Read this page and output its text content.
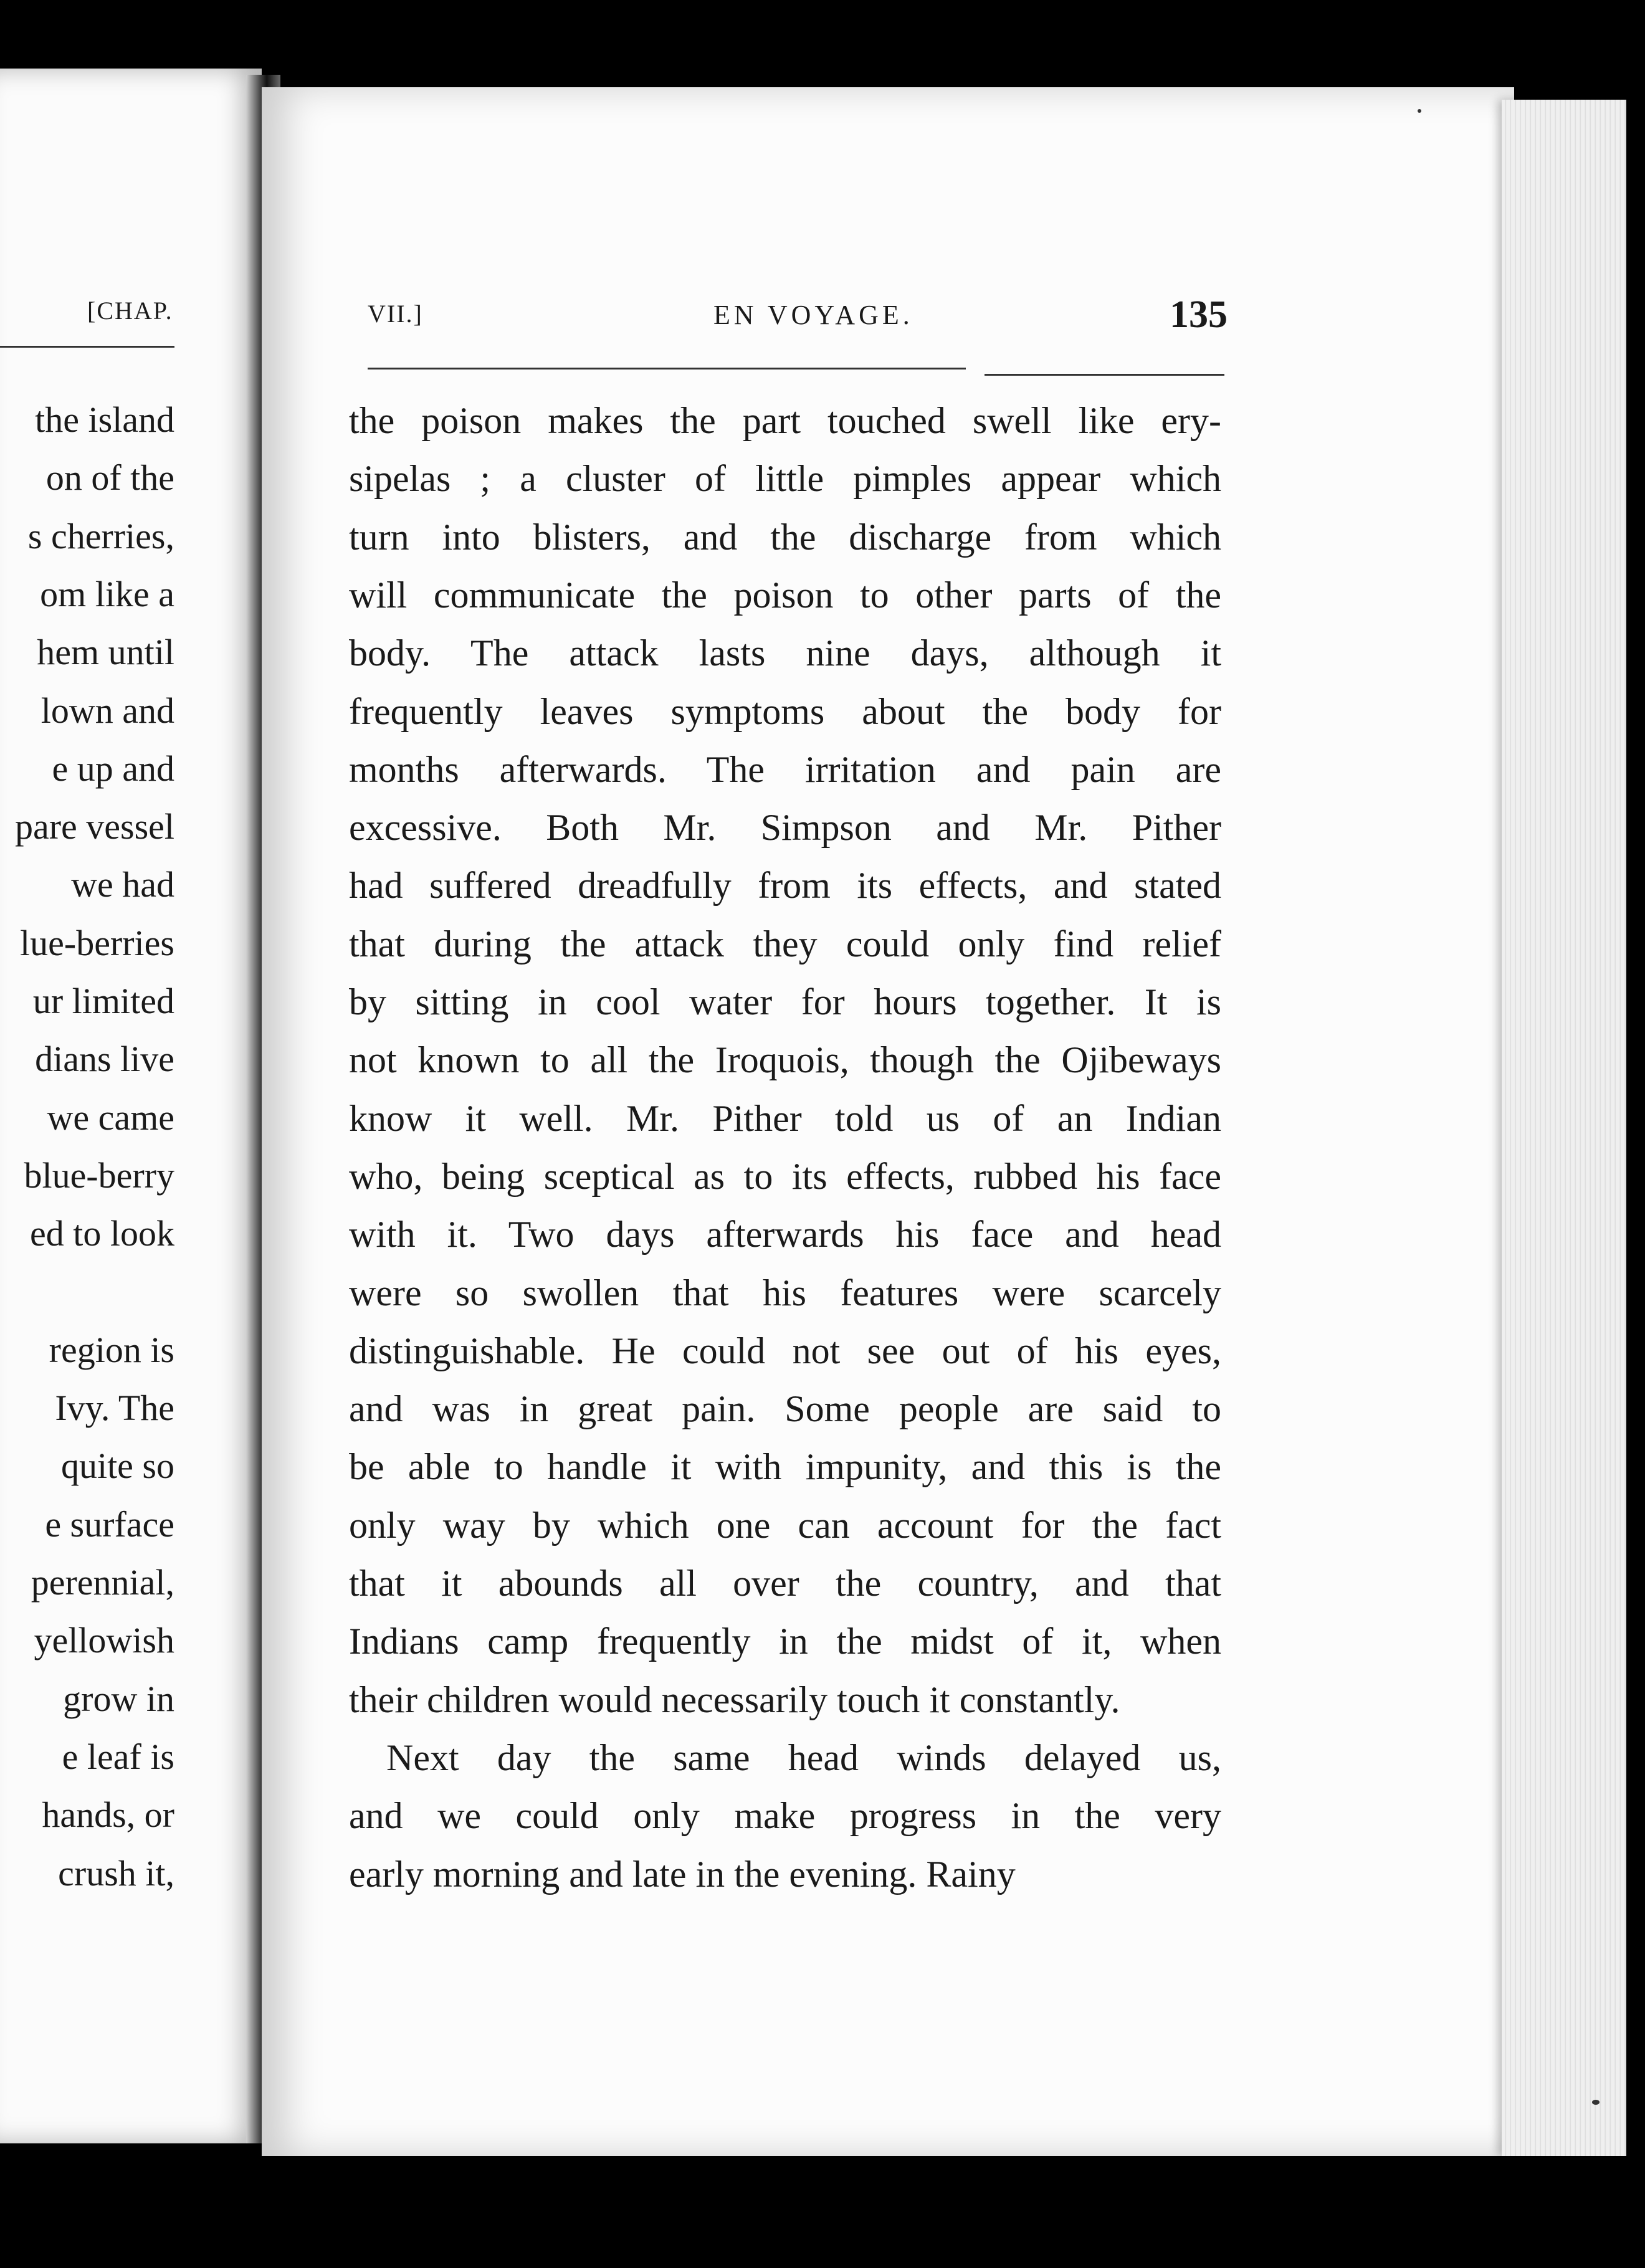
[CHAP.
the island
on of the
s cherries,
om like a
hem until
lown and
e up and
pare vessel
we had
lue-berries
ur limited
dians live
we came
blue-berry
ed to look
region is
Ivy. The
quite so
e surface
perennial,
yellowish
grow in
e leaf is
hands, or
crush it,
VII.]	EN VOYAGE.	135
the poison makes the part touched swell like ery-
sipelas ; a cluster of little pimples appear which
turn into blisters, and the discharge from which
will communicate the poison to other parts of the
body. The attack lasts nine days, although it
frequently leaves symptoms about the body for
months afterwards. The irritation and pain are
excessive. Both Mr. Simpson and Mr. Pither
had suffered dreadfully from its effects, and stated
that during the attack they could only find relief
by sitting in cool water for hours together. It is
not known to all the Iroquois, though the Ojibeways
know it well. Mr. Pither told us of an Indian
who, being sceptical as to its effects, rubbed his face
with it. Two days afterwards his face and head
were so swollen that his features were scarcely
distinguishable. He could not see out of his eyes,
and was in great pain. Some people are said to
be able to handle it with impunity, and this is the
only way by which one can account for the fact
that it abounds all over the country, and that
Indians camp frequently in the midst of it, when
their children would necessarily touch it constantly.
Next day the same head winds delayed us,
and we could only make progress in the very
early morning and late in the evening. Rainy
